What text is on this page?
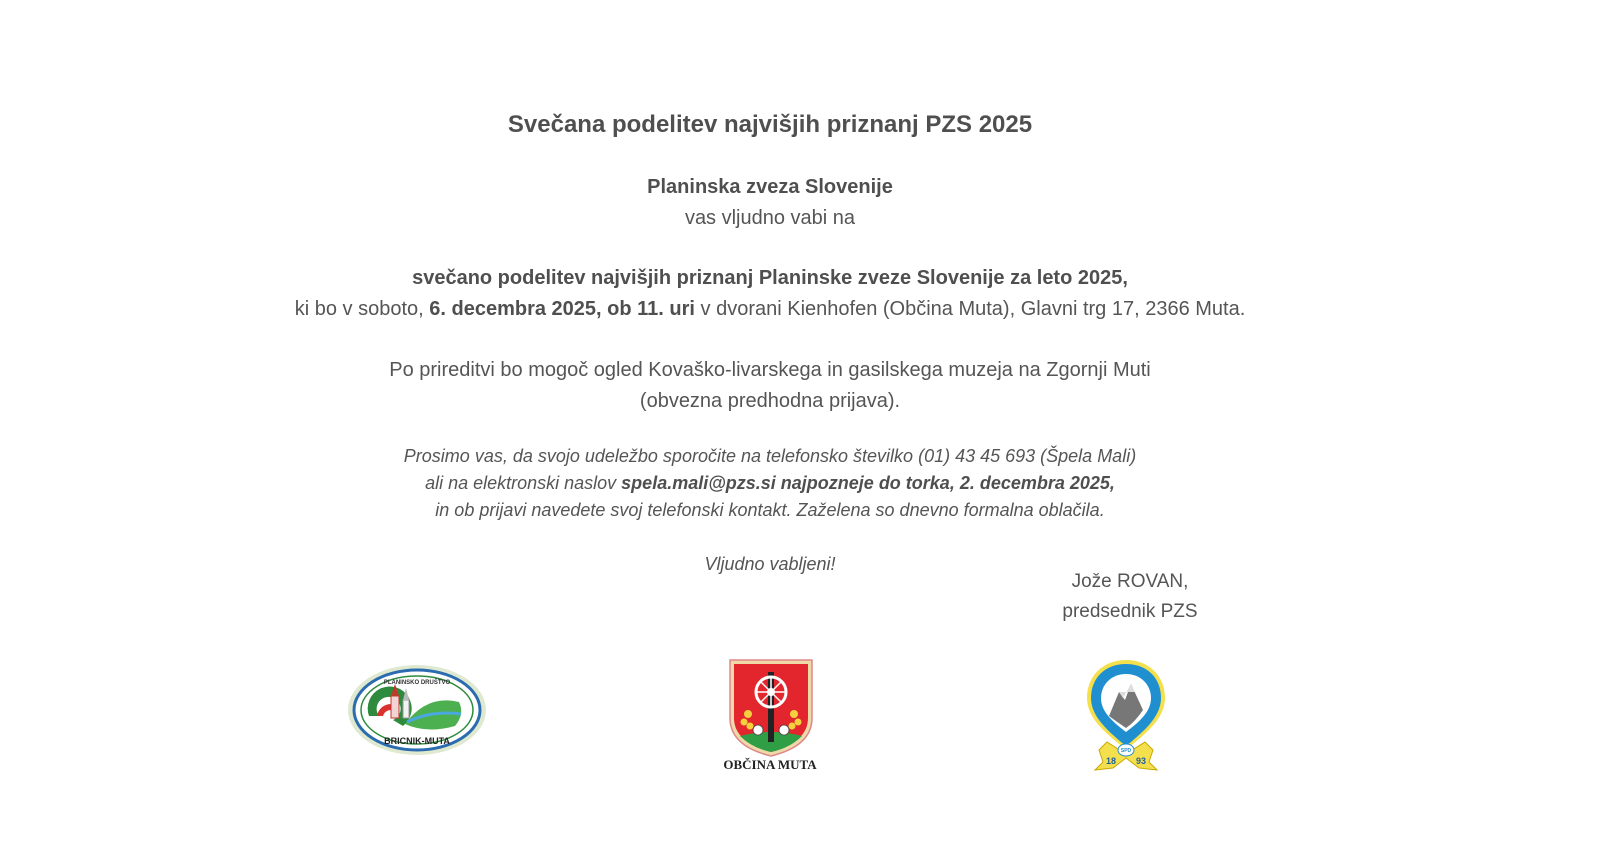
Svečana podelitev najvišjih priznanj PZS 2025
Planinska zveza Slovenije
vas vljudno vabi na
svečano podelitev najvišjih priznanj Planinske zveze Slovenije za leto 2025,
ki bo v soboto, 6. decembra 2025, ob 11. uri v dvorani Kienhofen (Občina Muta), Glavni trg 17, 2366 Muta.
Po prireditvi bo mogoč ogled Kovaško-livarskega in gasilskega muzeja na Zgornji Muti
(obvezna predhodna prijava).
Prosimo vas, da svojo udeležbo sporočite na telefonsko številko (01) 43 45 693 (Špela Mali)
ali na elektronski naslov spela.mali@pzs.si najpozneje do torka, 2. decembra 2025,
in ob prijavi navedete svoj telefonski kontakt. Zaželena so dnevno formalna oblačila.
Vljudno vabljeni!
Jože ROVAN,
predsednik PZS
PLANINSKO DRUŠTVO
BRICNIK-MUTA
OBČINA MUTA
SPD
18 93
